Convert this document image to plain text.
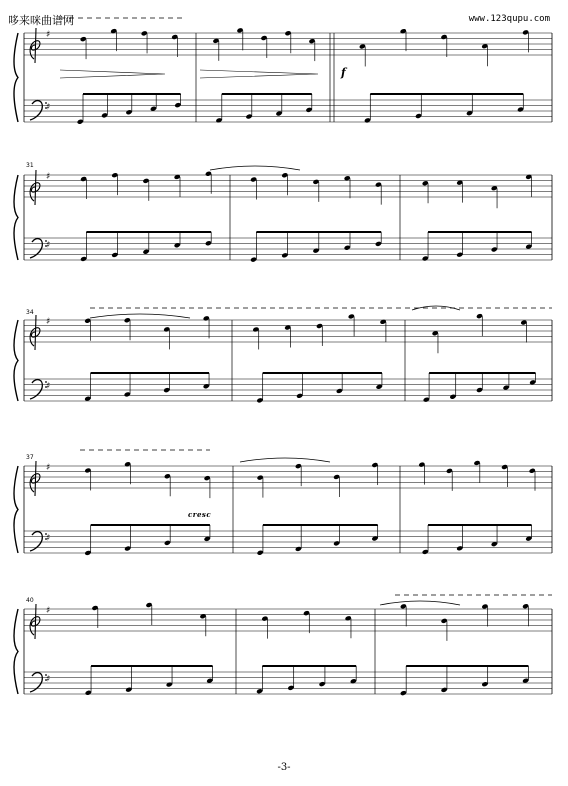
哆来咪曲谱网	www.123qupu.com
31
34
37
40
f
cresc
-3-
♯
♯
♯
♯
♯
♯
♯
♯
♯
♯
